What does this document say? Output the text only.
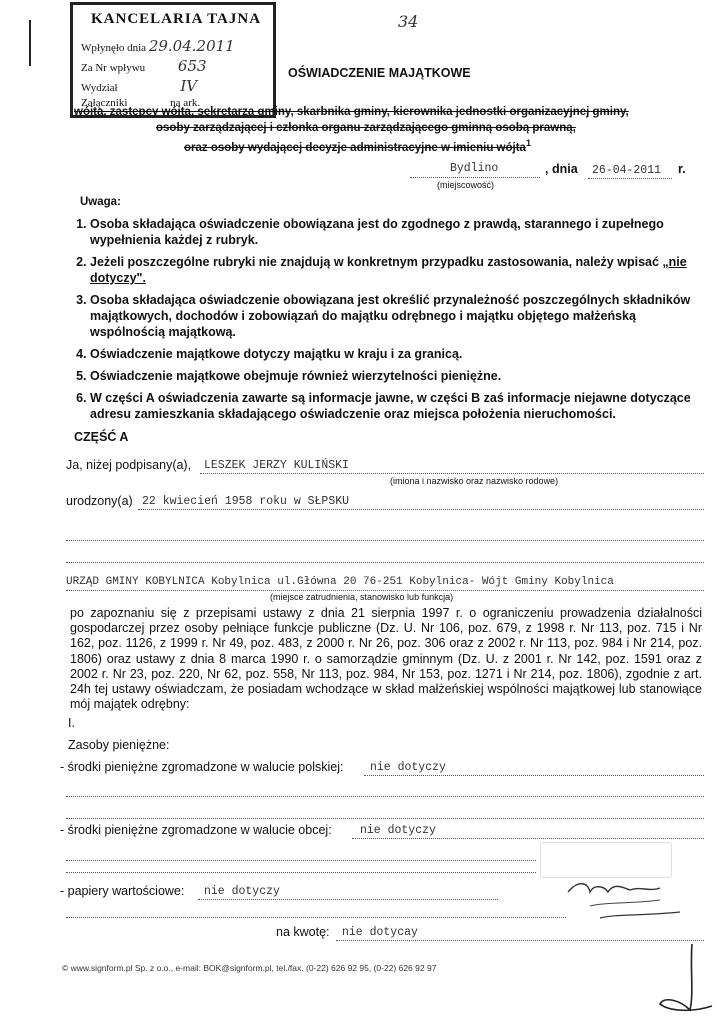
KANCELARIA TAJNA
Wpłynęło dnia 29.04.2011
Za Nr wpływu 653
Wydział	IV
Załączniki	na ark.
34
OŚWIADCZENIE MAJĄTKOWE
wójta, zastępcy wójta, sekretarza gminy, skarbnika gminy, kierownika jednostki organizacyjnej gminy,
osoby zarządzającej i członka organu zarządzającego gminną osobą prawną,
oraz osoby wydającej decyzje administracyjne w imieniu wójta$^1$
Bydlino
(miejscowość)
, dnia 26-04-2011 r.
Uwaga:
1. Osoba składająca oświadczenie obowiązana jest do zgodnego z prawdą, starannego i zupełnego wypełnienia każdej z rubryk.
2. Jeżeli poszczególne rubryki nie znajdują w konkretnym przypadku zastosowania, należy wpisać „nie dotyczy".
3. Osoba składająca oświadczenie obowiązana jest określić przynależność poszczególnych składników majątkowych, dochodów i zobowiązań do majątku odrębnego i majątku objętego małżeńską wspólnością majątkową.
4. Oświadczenie majątkowe dotyczy majątku w kraju i za granicą.
5. Oświadczenie majątkowe obejmuje również wierzytelności pieniężne.
6. W części A oświadczenia zawarte są informacje jawne, w części B zaś informacje niejawne dotyczące adresu zamieszkania składającego oświadczenie oraz miejsca położenia nieruchomości.
CZĘŚĆ A
Ja, niżej podpisany(a), LESZEK JERZY KULIŃSKI
(imiona i nazwisko oraz nazwisko rodowe)
urodzony(a) 22 kwiecień 1958 roku w SŁPSKU
URZĄD GMINY KOBYLNICA Kobylnica ul.Główna 20 76-251 Kobylnica- Wójt Gminy Kobylnica
(miejsce zatrudnienia, stanowisko lub funkcja)
po zapoznaniu się z przepisami ustawy z dnia 21 sierpnia 1997 r. o ograniczeniu prowadzenia działalności gospodarczej przez osoby pełniące funkcje publiczne (Dz. U. Nr 106, poz. 679, z 1998 r. Nr 113, poz. 715 i Nr 162, poz. 1126, z 1999 r. Nr 49, poz. 483, z 2000 r. Nr 26, poz. 306 oraz z 2002 r. Nr 113, poz. 984 i Nr 214, poz. 1806) oraz ustawy z dnia 8 marca 1990 r. o samorządzie gminnym (Dz. U. z 2001 r. Nr 142, poz. 1591 oraz z 2002 r. Nr 23, poz. 220, Nr 62, poz. 558, Nr 113, poz. 984, Nr 153, poz. 1271 i Nr 214, poz. 1806), zgodnie z art. 24h tej ustawy oświadczam, że posiadam wchodzące w skład małżeńskiej wspólności majątkowej lub stanowiące mój majątek odrębny:
I.
Zasoby pieniężne:
- środki pieniężne zgromadzone w walucie polskiej: nie dotyczy
- środki pieniężne zgromadzone w walucie obcej: nie dotyczy
- papiery wartościowe: nie dotyczy
na kwotę: nie dotycay
© www.signform.pl Sp. z o.o., e-mail: BOK@signform.pl, tel./fax. (0-22) 626 92 95, (0-22) 626 92 97
